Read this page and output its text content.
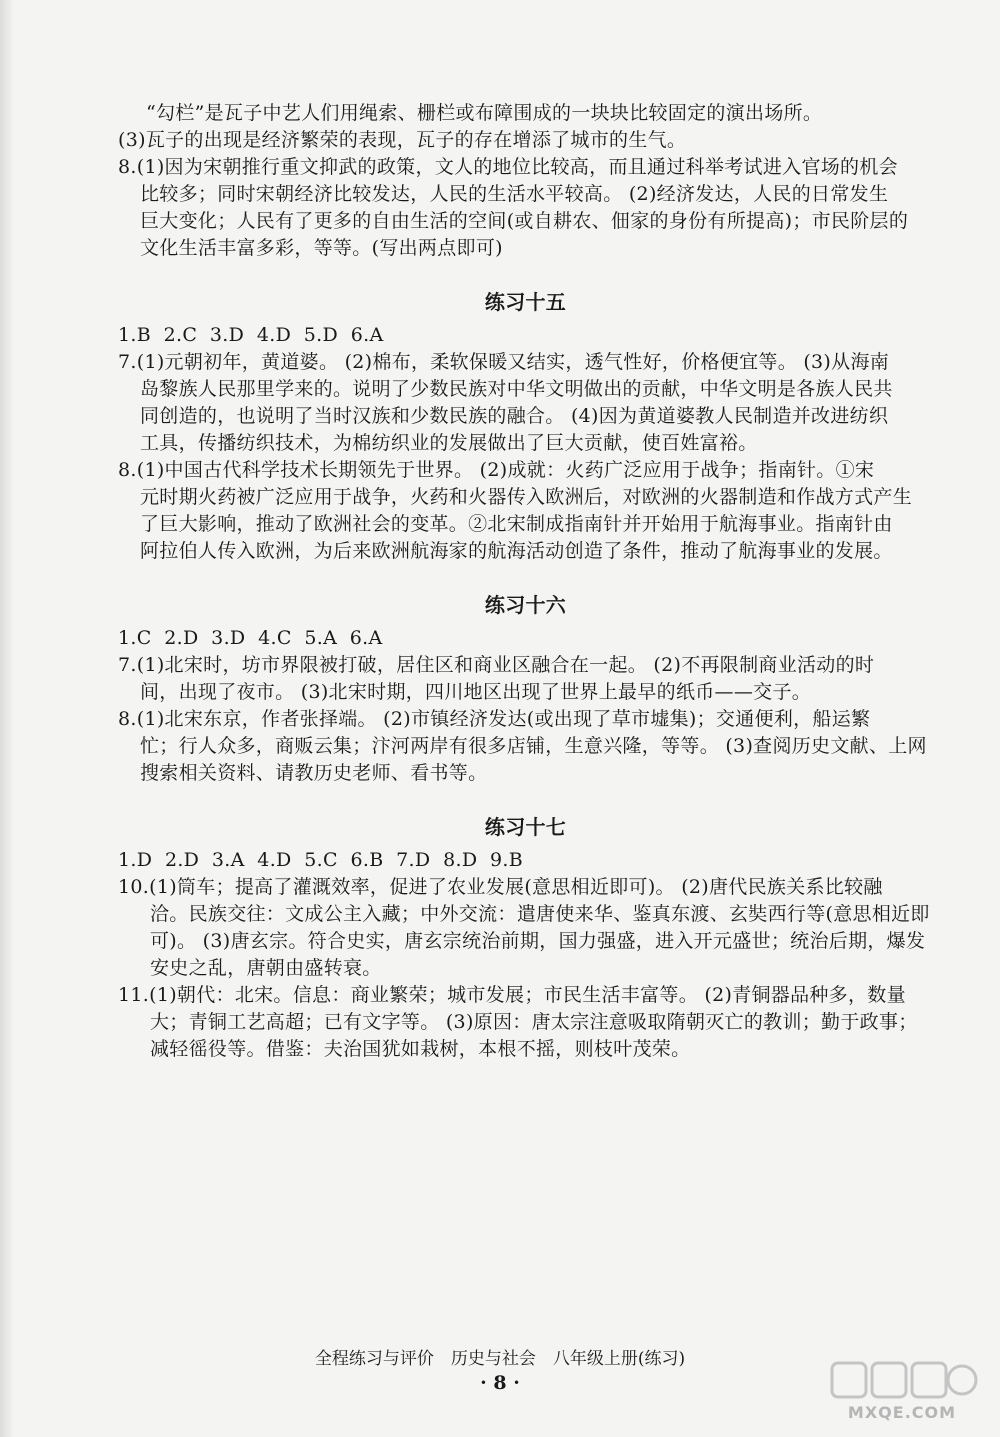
“勾栏”是瓦子中艺人们用绳索、栅栏或布障围成的一块块比较固定的演出场所。
(3)瓦子的出现是经济繁荣的表现，瓦子的存在增添了城市的生气。

8.(1)因为宋朝推行重文抑武的政策，文人的地位比较高，而且通过科举考试进入官场的机会
比较多；同时宋朝经济比较发达，人民的生活水平较高。 (2)经济发达，人民的日常发生
巨大变化；人民有了更多的自由生活的空间(或自耕农、佃家的身份有所提高)；市民阶层的
文化生活丰富多彩，等等。(写出两点即可)

练习十五

1.B  2.C  3.D  4.D  5.D  6.A

7.(1)元朝初年，黄道婆。 (2)棉布，柔软保暖又结实，透气性好，价格便宜等。 (3)从海南
岛黎族人民那里学来的。说明了少数民族对中华文明做出的贡献，中华文明是各族人民共
同创造的，也说明了当时汉族和少数民族的融合。 (4)因为黄道婆教人民制造并改进纺织
工具，传播纺织技术，为棉纺织业的发展做出了巨大贡献，使百姓富裕。

8.(1)中国古代科学技术长期领先于世界。 (2)成就：火药广泛应用于战争；指南针。①宋
元时期火药被广泛应用于战争，火药和火器传入欧洲后，对欧洲的火器制造和作战方式产生
了巨大影响，推动了欧洲社会的变革。②北宋制成指南针并开始用于航海事业。指南针由
阿拉伯人传入欧洲，为后来欧洲航海家的航海活动创造了条件，推动了航海事业的发展。

练习十六

1.C  2.D  3.D  4.C  5.A  6.A

7.(1)北宋时，坊市界限被打破，居住区和商业区融合在一起。 (2)不再限制商业活动的时
间，出现了夜市。 (3)北宋时期，四川地区出现了世界上最早的纸币——交子。

8.(1)北宋东京，作者张择端。 (2)市镇经济发达(或出现了草市墟集)；交通便利，船运繁
忙；行人众多，商贩云集；汴河两岸有很多店铺，生意兴隆，等等。 (3)查阅历史文献、上网
搜索相关资料、请教历史老师、看书等。

练习十七

1.D  2.D  3.A  4.D  5.C  6.B  7.D  8.D  9.B

10.(1)筒车；提高了灌溉效率，促进了农业发展(意思相近即可)。 (2)唐代民族关系比较融
洽。民族交往：文成公主入藏；中外交流：遣唐使来华、鉴真东渡、玄奘西行等(意思相近即
可)。 (3)唐玄宗。符合史实，唐玄宗统治前期，国力强盛，进入开元盛世；统治后期，爆发
安史之乱，唐朝由盛转衰。

11.(1)朝代：北宋。信息：商业繁荣；城市发展；市民生活丰富等。 (2)青铜器品种多，数量
大；青铜工艺高超；已有文字等。 (3)原因：唐太宗注意吸取隋朝灭亡的教训；勤于政事；
减轻徭役等。借鉴：夫治国犹如栽树，本根不摇，则枝叶茂荣。

全程练习与评价　历史与社会　八年级上册(练习)
· 8 ·
MXQE.COM
